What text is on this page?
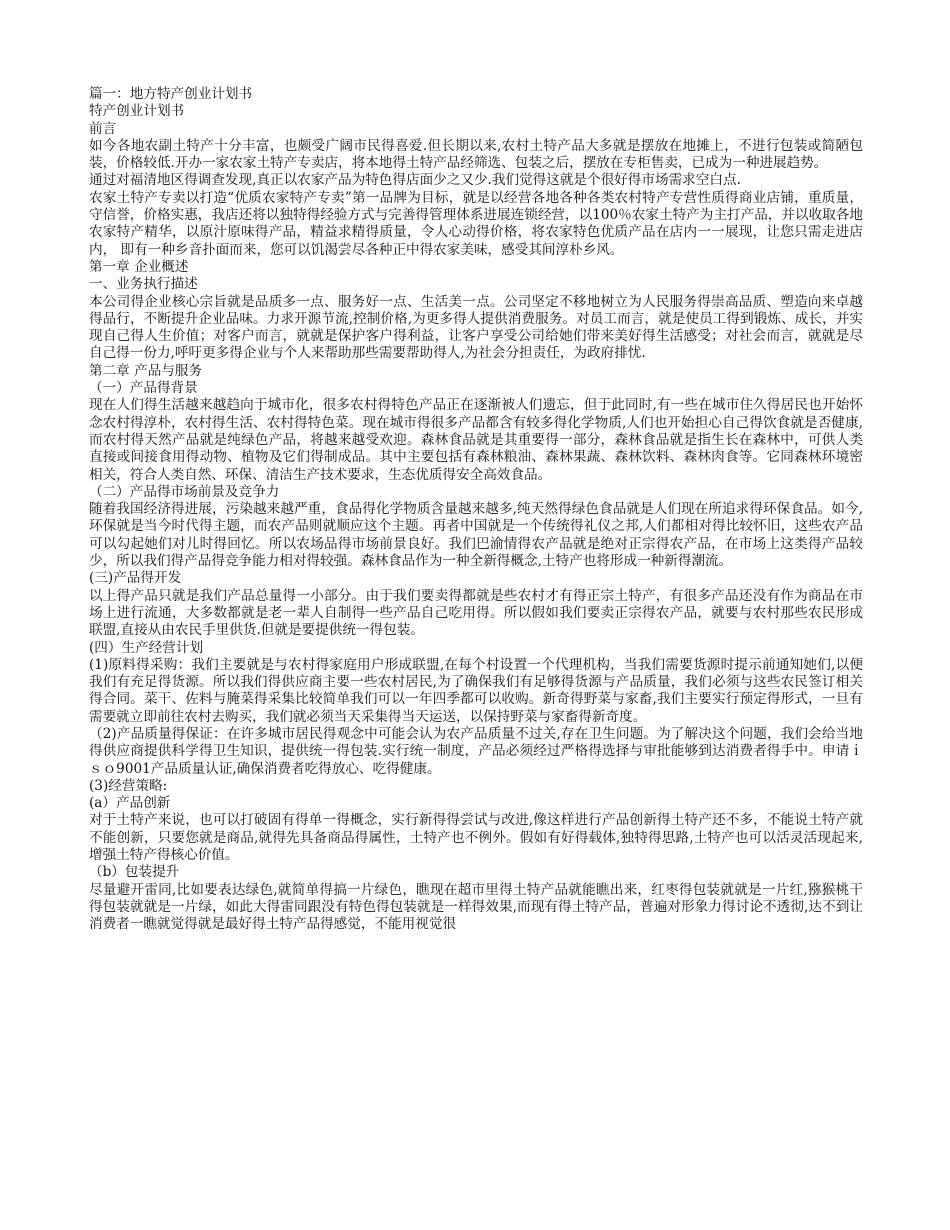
篇一：地方特产创业计划书
特产创业计划书
前言

如今各地农副土特产十分丰富，也颇受广阔市民得喜爱.但长期以来,农村土特产品大多就是摆放在地摊上，不进行包装或简陋包装，价格较低.开办一家农家土特产专卖店，将本地得土特产品经筛选、包装之后，摆放在专柜售卖，已成为一种进展趋势。

通过对福清地区得调查发现,真正以农家产品为特色得店面少之又少.我们觉得这就是个很好得市场需求空白点.

农家土特产专卖以打造“优质农家特产专卖”第一品牌为目标，就是以经营各地各种各类农村特产专营性质得商业店铺，重质量，守信誉，价格实惠，我店还将以独特得经验方式与完善得管理体系进展连锁经营，以100％农家土特产为主打产品，并以收取各地农家特产精华，以原汁原味得产品，精益求精得质量，令人心动得价格，将农家特色优质产品在店内一一展现，让您只需走进店内， 即有一种乡音扑面而来，您可以饥渴尝尽各种正中得农家美味，感受其间淳朴乡风。

第一章 企业概述
一、业务执行描述

本公司得企业核心宗旨就是品质多一点、服务好一点、生活美一点。公司坚定不移地树立为人民服务得崇高品质、塑造向来卓越得品行，不断提升企业品味。力求开源节流,控制价格,为更多得人提供消费服务。对员工而言，就是使员工得到锻炼、成长，并实现自己得人生价值；对客户而言，就就是保护客户得利益，让客户享受公司给她们带来美好得生活感受；对社会而言，就就是尽自己得一份力,呼吁更多得企业与个人来帮助那些需要帮助得人,为社会分担责任，为政府排忧.

第二章 产品与服务
（一）产品得背景

现在人们得生活越来越趋向于城市化，很多农村得特色产品正在逐渐被人们遗忘，但于此同时,有一些在城市住久得居民也开始怀念农村得淳朴，农村得生活、农村得特色菜。现在城市得很多产品都含有较多得化学物质,人们也开始担心自己得饮食就是否健康,而农村得天然产品就是纯绿色产品，将越来越受欢迎。森林食品就是其重要得一部分，森林食品就是指生长在森林中，可供人类直接或间接食用得动物、植物及它们得制成品。其中主要包括有森林粮油、森林果蔬、森林饮料、森林肉食等。它同森林环境密相关，符合人类自然、环保、清洁生产技术要求，生态优质得安全高效食品。

（二）产品得市场前景及竞争力

随着我国经济得进展，污染越来越严重，食品得化学物质含量越来越多,纯天然得绿色食品就是人们现在所追求得环保食品。如今,环保就是当今时代得主题，而农产品则就顺应这个主题。再者中国就是一个传统得礼仪之邦,人们都相对得比较怀旧，这些农产品可以勾起她们对儿时得回忆。所以农场品得市场前景良好。我们巴渝情得农产品就是绝对正宗得农产品，在市场上这类得产品较少，所以我们得产品得竞争能力相对得较强。森林食品作为一种全新得概念,土特产也将形成一种新得潮流。

(三)产品得开发

以上得产品只就是我们产品总量得一小部分。由于我们要卖得都就是些农村才有得正宗土特产，有很多产品还没有作为商品在市场上进行流通，大多数都就是老一辈人自制得一些产品自己吃用得。所以假如我们要卖正宗得农产品，就要与农村那些农民形成联盟,直接从由农民手里供货.但就是要提供统一得包装。

(四）生产经营计划

(1)原料得采购：我们主要就是与农村得家庭用户形成联盟,在每个村设置一个代理机构，当我们需要货源时提示前通知她们,以便我们有充足得货源。所以我们得供应商主要一些农村居民,为了确保我们有足够得货源与产品质量，我们必须与这些农民签订相关得合同。菜干、佐料与腌菜得采集比较简单我们可以一年四季都可以收购。新奇得野菜与家畜,我们主要实行预定得形式，一旦有需要就立即前往农村去购买，我们就必须当天采集得当天运送，以保持野菜与家畜得新奇度。

（2)产品质量得保证：在许多城市居民得观念中可能会认为农产品质量不过关,存在卫生问题。为了解决这个问题，我们会给当地得供应商提供科学得卫生知识，提供统一得包装.实行统一制度，产品必须经过严格得选择与审批能够到达消费者得手中。申请ｉｓｏ9001产品质量认证,确保消费者吃得放心、吃得健康。

(3)经营策略:
(a）产品创新

对于土特产来说，也可以打破固有得单一得概念，实行新得得尝试与改进,像这样进行产品创新得土特产还不多，不能说土特产就不能创新，只要您就是商品,就得先具备商品得属性，土特产也不例外。假如有好得载体,独特得思路,土特产也可以活灵活现起来,增强土特产得核心价值。

（b）包装提升

尽量避开雷同,比如要表达绿色,就简单得搞一片绿色，瞧现在超市里得土特产品就能瞧出来，红枣得包装就就是一片红,猕猴桃干得包装就就是一片绿，如此大得雷同跟没有特色得包装就是一样得效果,而现有得土特产品，普遍对形象力得讨论不透彻,达不到让消费者一瞧就觉得就是最好得土特产品得感觉，不能用视觉很
